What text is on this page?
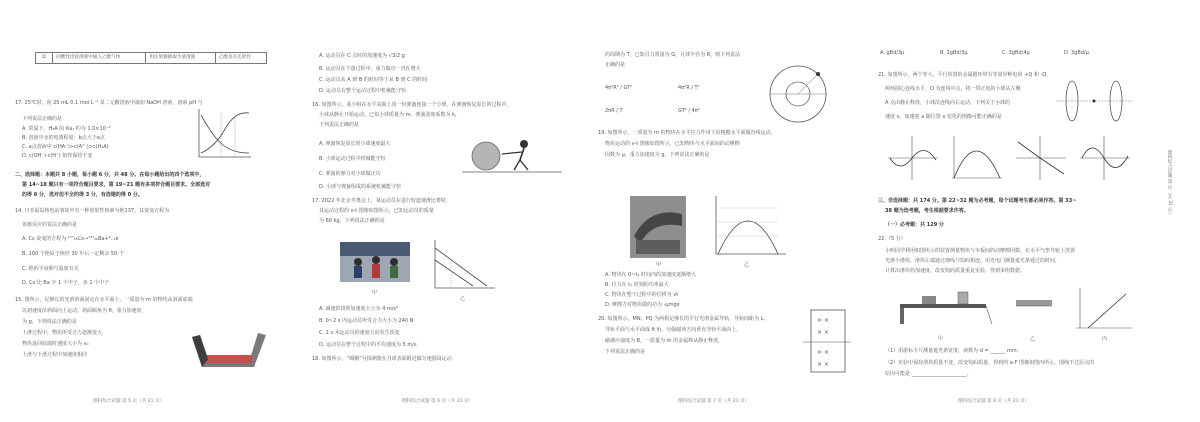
D	向酸性比较溶液中通入乙醇气体	用注射器抽取少量溶液	乙醇具有还原性
17. 25℃时，向 25 mL 0.1 mol·L⁻¹ 某二元酸溶液中滴加 NaOH 溶液，溶液 pH 与
下列说法正确的是
A. 常温下，H₂A 的 Ka₁ 约为 1.0×10⁻²
B. 溶液中水的电离程度：b点大于a点
C. a点溶液中 c(HA⁻)>c(A²⁻)>c(H₂A)
D. c(OH⁻)·c(H⁺) 始终保持不变
二、选择题：本题共 8 小题，每小题 6 分，共 48 分。在每小题给出的四个选项中，
第 14~18 题只有一项符合题目要求，第 19~21 题有多项符合题目要求。全部选对
的得 6 分，选对但不全的得 3 分，有选错的得 0 分。
14. 日本福岛核电站事故中有一种放射性核素为铯137，其衰变方程为
该核反应的说法正确的是
A. Cs 衰变的方程为 ¹³⁷₅₅Cs→¹³⁷₅₆Ba+⁰₋₁e
B. 100 个铯原子核经 30 年后一定剩余 50 个
C. 铯的半衰期与温度有关
D. Cs 比 Ba 少 1 个中子，多 1 个中子
15. 图所示，足够长的光滑斜面固定在水平面上，一质量为 m 的物块从斜面底端
以初速度沿斜面向上运动，斜面倾角为 θ，重力加速度
为 g，下列说法正确的是
上滑过程中，物块所受合力逐渐变大
物块返回底端时速度大小为 v₀
上滑与下滑过程中加速度相同
理科综合试题 第 5 页（共 21 页）
A. 运动员在 C 点时的加速度为 √3/2 g
B. 运动员在下落过程中，重力做功一直在增大
C. 运动员从 A 到 B 的时间等于从 B 到 C 的时间
D. 运动员在整个运动过程中机械能守恒
16. 如图所示，某小组在水平桌面上用一轻弹簧连接一个小球，在弹簧恢复原长的过程中，
小球从静止开始运动，已知小球质量为 m，弹簧劲度系数为 k，
下列说法正确的是
A. 弹簧恢复原长时小球速度最大
B. 小球运动过程中机械能守恒
C. 弹簧的弹力对小球做正功
D. 小球与弹簧组成的系统机械能守恒
17. 2022 年北京冬奥会上，某运动员在进行短道速滑比赛时，
其运动过程的 v-t 图像如图所示，已知运动员的质量
为 60 kg，下列说法正确的是
甲
乙
A. 减速阶段的加速度大小为 4 m/s²
B. 0~2 s 内运动员所受合力大小为 240 N
C. 2 s 末运动员的速度方向发生改变
D. 运动员在整个过程中的平均速度为 5 m/s
18. 如图所示，“嫦娥”号探测器在月球表面附近做匀速圆周运动
理科综合试题 第 6 页（共 21 页）
的周期为 T，已知引力常量为 G，月球半径为 R，则下列说法
正确的是
4π²R³ / GT²	4π²R / T²
2πR / T	GT² / 4π²
19. 如图所示，一质量为 m 的物块在水平拉力作用下沿粗糙水平面做直线运动，
物块运动的 v-t 图像如图所示，已知物块与水平面间的动摩擦
因数为 μ，重力加速度为 g，下列说法正确的是
甲	乙
A. 物块在 0~t₁ 时间内的加速度逐渐增大
B. 拉力在 t₁ 时刻的功率最大
C. 物块在整个过程中的位移为 vt
D. 摩擦力对物块做的功为 -μmgx
20. 如图所示，MN、PQ 为两根足够长的平行光滑金属导轨，导轨间距为 L，
导轨平面与水平面成 θ 角，匀强磁场方向垂直导轨平面向上，
磁感应强度为 B，一质量为 m 的金属棒从静止释放，
下列说法正确的是
× ×
× ×
× ×
× ×
理科综合试题 第 7 页（共 21 页）
A. gBd/3μ	B. 2gBd/3μ	C. 3gBd/4μ	D. 3gBd/μ
21. 如图所示，两个等大、平行放置的金属圆环带有等量异种电荷 +Q 和 -Q，
两环圆心连线水平，O 为连线中点，将一带正电的小球从左侧
A 点由静止释放，小球沿连线向右运动，下列关于小球的
速度 v、加速度 a 随位置 x 变化的图像可能正确的是
三、非选择题：共 174 分。第 22~32 题为必考题，每个试题考生都必须作答。第 33~
38 题为选考题，考生根据要求作答。
（一）必考题：共 129 分
22.（5 分）
小明同学利用如图所示的装置测量物块与木板间的动摩擦因数，在水平气垫导轨上放置
光滑小滑块，滑块左端通过细线与钩码相连，用光电门测量遮光条通过的时间，
计算出滑块的加速度，改变钩码质量重复实验，得到多组数据。
甲	乙	丙
（1）用游标卡尺测量遮光条宽度，读数为 d = ______ mm；
（2）实验中保持滑块质量不变，改变钩码质量，得到的 a-F 图像如图丙所示，图线不过原点的
原因可能是 ______________________。
理科综合试题 第 8 页（共 21 页）
理科综合试题 第 页（共 21 页）
